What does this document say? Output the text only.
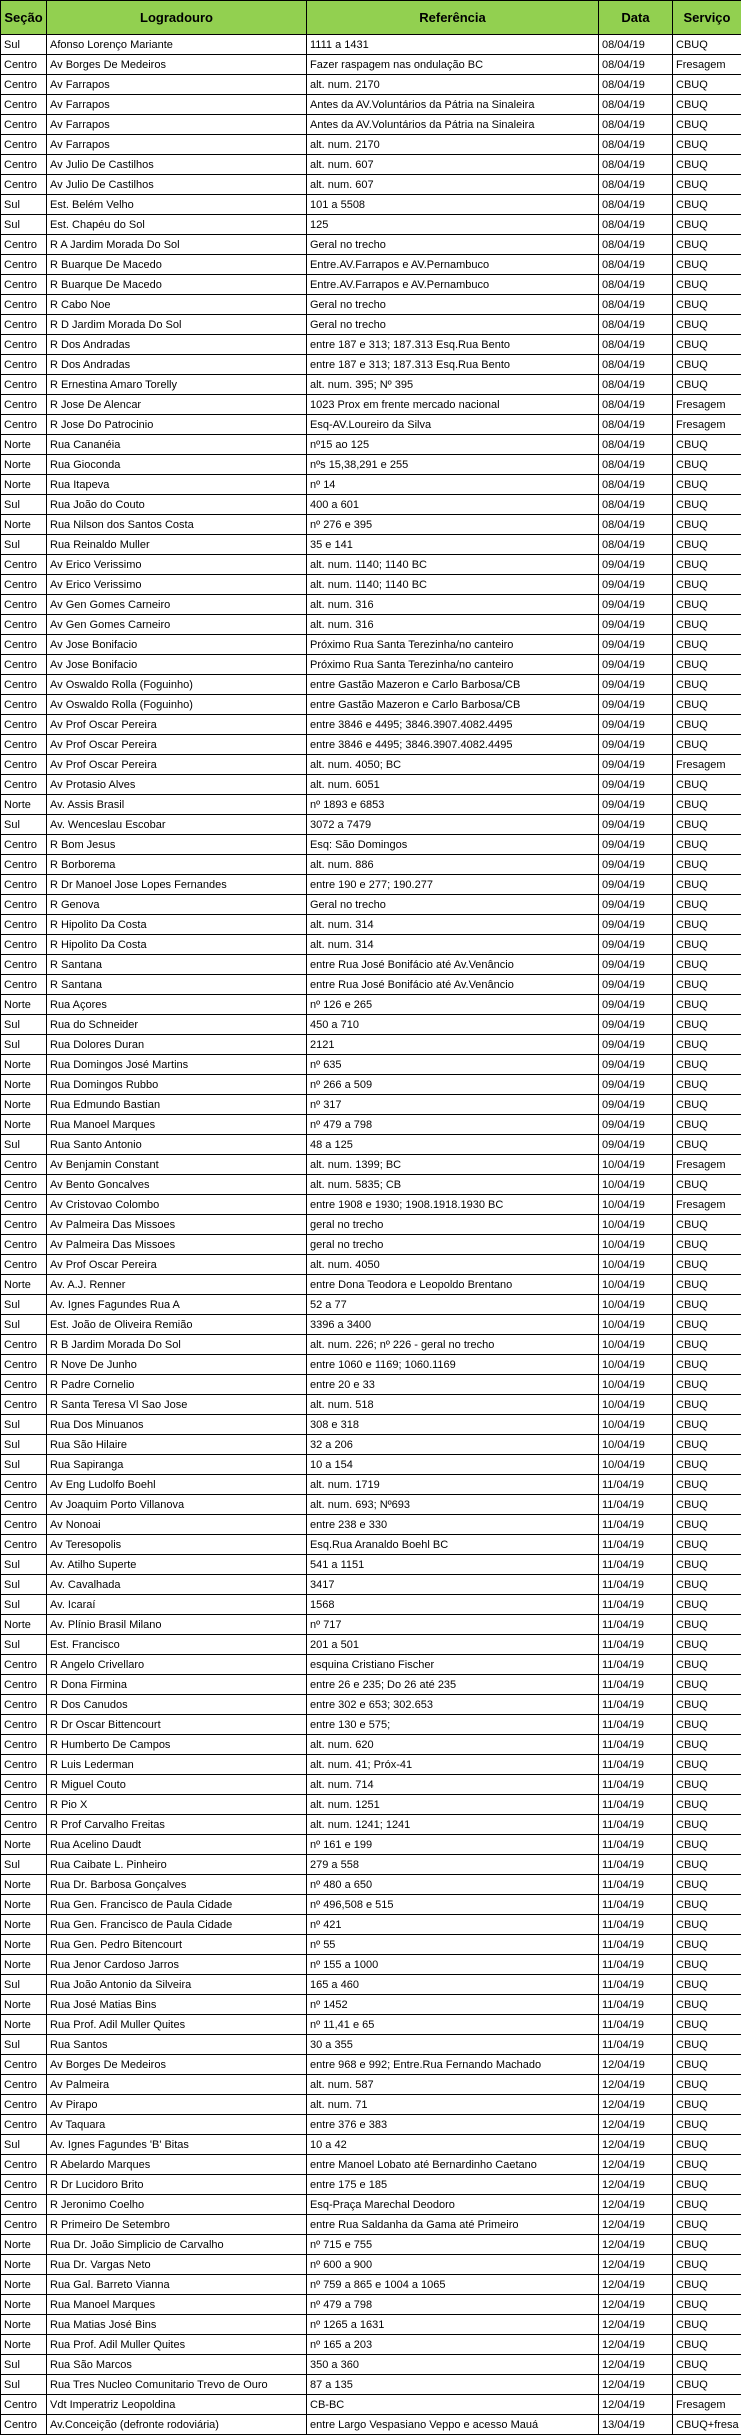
Seção	Logradouro	Referência	Data	Serviço
Sul	Afonso Lorenço Mariante	1111 a 1431	08/04/19	CBUQ
Centro	Av Borges De Medeiros	Fazer raspagem nas ondulação BC	08/04/19	Fresagem
Centro	Av Farrapos	alt. num. 2170	08/04/19	CBUQ
Centro	Av Farrapos	Antes da AV.Voluntários da Pátria na Sinaleira	08/04/19	CBUQ
Centro	Av Farrapos	Antes da AV.Voluntários da Pátria na Sinaleira	08/04/19	CBUQ
Centro	Av Farrapos	alt. num. 2170	08/04/19	CBUQ
Centro	Av Julio De Castilhos	alt. num. 607	08/04/19	CBUQ
Centro	Av Julio De Castilhos	alt. num. 607	08/04/19	CBUQ
Sul	Est. Belém Velho	101 a 5508	08/04/19	CBUQ
Sul	Est. Chapéu do Sol	125	08/04/19	CBUQ
Centro	R A Jardim Morada Do Sol	Geral no trecho	08/04/19	CBUQ
Centro	R Buarque De Macedo	Entre.AV.Farrapos e AV.Pernambuco	08/04/19	CBUQ
Centro	R Buarque De Macedo	Entre.AV.Farrapos e AV.Pernambuco	08/04/19	CBUQ
Centro	R Cabo Noe	Geral no trecho	08/04/19	CBUQ
Centro	R D Jardim Morada Do Sol	Geral no trecho	08/04/19	CBUQ
Centro	R Dos Andradas	entre 187 e 313; 187.313 Esq.Rua Bento	08/04/19	CBUQ
Centro	R Dos Andradas	entre 187 e 313; 187.313 Esq.Rua Bento	08/04/19	CBUQ
Centro	R Ernestina Amaro Torelly	alt. num. 395; Nº 395	08/04/19	CBUQ
Centro	R Jose De Alencar	1023 Prox em frente mercado nacional	08/04/19	Fresagem
Centro	R Jose Do Patrocinio	Esq-AV.Loureiro da Silva	08/04/19	Fresagem
Norte	Rua Cananéia	nº15 ao 125	08/04/19	CBUQ
Norte	Rua Gioconda	nºs 15,38,291 e 255	08/04/19	CBUQ
Norte	Rua Itapeva	nº 14	08/04/19	CBUQ
Sul	Rua João do Couto	400 a 601	08/04/19	CBUQ
Norte	Rua Nilson dos Santos Costa	nº 276 e 395	08/04/19	CBUQ
Sul	Rua Reinaldo Muller	35 e 141	08/04/19	CBUQ
Centro	Av Erico Verissimo	alt. num. 1140; 1140 BC	09/04/19	CBUQ
Centro	Av Erico Verissimo	alt. num. 1140; 1140 BC	09/04/19	CBUQ
Centro	Av Gen Gomes Carneiro	alt. num. 316	09/04/19	CBUQ
Centro	Av Gen Gomes Carneiro	alt. num. 316	09/04/19	CBUQ
Centro	Av Jose Bonifacio	Próximo Rua Santa Terezinha/no canteiro	09/04/19	CBUQ
Centro	Av Jose Bonifacio	Próximo Rua Santa Terezinha/no canteiro	09/04/19	CBUQ
Centro	Av Oswaldo Rolla (Foguinho)	entre Gastão Mazeron e Carlo Barbosa/CB	09/04/19	CBUQ
Centro	Av Oswaldo Rolla (Foguinho)	entre Gastão Mazeron e Carlo Barbosa/CB	09/04/19	CBUQ
Centro	Av Prof Oscar Pereira	entre 3846 e 4495; 3846.3907.4082.4495	09/04/19	CBUQ
Centro	Av Prof Oscar Pereira	entre 3846 e 4495; 3846.3907.4082.4495	09/04/19	CBUQ
Centro	Av Prof Oscar Pereira	alt. num. 4050; BC	09/04/19	Fresagem
Centro	Av Protasio Alves	alt. num. 6051	09/04/19	CBUQ
Norte	Av. Assis Brasil	nº 1893 e 6853	09/04/19	CBUQ
Sul	Av. Wenceslau Escobar	3072 a 7479	09/04/19	CBUQ
Centro	R Bom Jesus	Esq: São Domingos	09/04/19	CBUQ
Centro	R Borborema	alt. num. 886	09/04/19	CBUQ
Centro	R Dr Manoel Jose Lopes Fernandes	entre 190 e 277; 190.277	09/04/19	CBUQ
Centro	R Genova	Geral no trecho	09/04/19	CBUQ
Centro	R Hipolito Da Costa	alt. num. 314	09/04/19	CBUQ
Centro	R Hipolito Da Costa	alt. num. 314	09/04/19	CBUQ
Centro	R Santana	entre Rua José Bonifácio até Av.Venâncio	09/04/19	CBUQ
Centro	R Santana	entre Rua José Bonifácio até Av.Venâncio	09/04/19	CBUQ
Norte	Rua Açores	nº 126 e 265	09/04/19	CBUQ
Sul	Rua do Schneider	450 a 710	09/04/19	CBUQ
Sul	Rua Dolores Duran	2121	09/04/19	CBUQ
Norte	Rua Domingos José Martins	nº 635	09/04/19	CBUQ
Norte	Rua Domingos Rubbo	nº 266 a 509	09/04/19	CBUQ
Norte	Rua Edmundo Bastian	nº 317	09/04/19	CBUQ
Norte	Rua Manoel Marques	nº 479 a 798	09/04/19	CBUQ
Sul	Rua Santo Antonio	48 a 125	09/04/19	CBUQ
Centro	Av Benjamin Constant	alt. num. 1399; BC	10/04/19	Fresagem
Centro	Av Bento Goncalves	alt. num. 5835; CB	10/04/19	CBUQ
Centro	Av Cristovao Colombo	entre 1908 e 1930; 1908.1918.1930 BC	10/04/19	Fresagem
Centro	Av Palmeira Das Missoes	geral no trecho	10/04/19	CBUQ
Centro	Av Palmeira Das Missoes	geral no trecho	10/04/19	CBUQ
Centro	Av Prof Oscar Pereira	alt. num. 4050	10/04/19	CBUQ
Norte	Av. A.J. Renner	entre Dona Teodora e Leopoldo Brentano	10/04/19	CBUQ
Sul	Av. Ignes Fagundes Rua A	52 a 77	10/04/19	CBUQ
Sul	Est. João de Oliveira Remião	3396 a 3400	10/04/19	CBUQ
Centro	R B Jardim Morada Do Sol	alt. num. 226; nº 226 - geral no trecho	10/04/19	CBUQ
Centro	R Nove De Junho	entre 1060 e 1169; 1060.1169	10/04/19	CBUQ
Centro	R Padre Cornelio	entre 20 e 33	10/04/19	CBUQ
Centro	R Santa Teresa Vl Sao Jose	alt. num. 518	10/04/19	CBUQ
Sul	Rua Dos Minuanos	308 e 318	10/04/19	CBUQ
Sul	Rua São Hilaire	32 a 206	10/04/19	CBUQ
Sul	Rua Sapiranga	10 a 154	10/04/19	CBUQ
Centro	Av Eng Ludolfo Boehl	alt. num. 1719	11/04/19	CBUQ
Centro	Av Joaquim Porto Villanova	alt. num. 693; Nº693	11/04/19	CBUQ
Centro	Av Nonoai	entre 238 e 330	11/04/19	CBUQ
Centro	Av Teresopolis	Esq.Rua Aranaldo Boehl BC	11/04/19	CBUQ
Sul	Av. Atilho Superte	541 a 1151	11/04/19	CBUQ
Sul	Av. Cavalhada	3417	11/04/19	CBUQ
Sul	Av. Icaraí	1568	11/04/19	CBUQ
Norte	Av. Plínio Brasil Milano	nº 717	11/04/19	CBUQ
Sul	Est. Francisco	201 a 501	11/04/19	CBUQ
Centro	R Angelo Crivellaro	esquina Cristiano Fischer	11/04/19	CBUQ
Centro	R Dona Firmina	entre 26 e 235; Do 26 até 235	11/04/19	CBUQ
Centro	R Dos Canudos	entre 302 e 653; 302.653	11/04/19	CBUQ
Centro	R Dr Oscar Bittencourt	entre 130 e 575;	11/04/19	CBUQ
Centro	R Humberto De Campos	alt. num. 620	11/04/19	CBUQ
Centro	R Luis Lederman	alt. num. 41; Próx-41	11/04/19	CBUQ
Centro	R Miguel Couto	alt. num. 714	11/04/19	CBUQ
Centro	R Pio X	alt. num. 1251	11/04/19	CBUQ
Centro	R Prof Carvalho Freitas	alt. num. 1241; 1241	11/04/19	CBUQ
Norte	Rua Acelino Daudt	nº 161 e 199	11/04/19	CBUQ
Sul	Rua Caibate L. Pinheiro	279 a 558	11/04/19	CBUQ
Norte	Rua Dr. Barbosa Gonçalves	nº 480 a 650	11/04/19	CBUQ
Norte	Rua Gen. Francisco de Paula Cidade	nº 496,508 e 515	11/04/19	CBUQ
Norte	Rua Gen. Francisco de Paula Cidade	nº 421	11/04/19	CBUQ
Norte	Rua Gen. Pedro Bitencourt	nº 55	11/04/19	CBUQ
Norte	Rua Jenor Cardoso Jarros	nº 155 a 1000	11/04/19	CBUQ
Sul	Rua João Antonio da Silveira	165 a 460	11/04/19	CBUQ
Norte	Rua José Matias Bins	nº 1452	11/04/19	CBUQ
Norte	Rua Prof. Adil Muller Quites	nº 11,41 e 65	11/04/19	CBUQ
Sul	Rua Santos	30 a 355	11/04/19	CBUQ
Centro	Av Borges De Medeiros	entre 968 e 992; Entre.Rua Fernando Machado	12/04/19	CBUQ
Centro	Av Palmeira	alt. num. 587	12/04/19	CBUQ
Centro	Av Pirapo	alt. num. 71	12/04/19	CBUQ
Centro	Av Taquara	entre 376 e 383	12/04/19	CBUQ
Sul	Av. Ignes Fagundes 'B' Bitas	10 a 42	12/04/19	CBUQ
Centro	R Abelardo Marques	entre Manoel Lobato até Bernardinho Caetano	12/04/19	CBUQ
Centro	R Dr Lucidoro Brito	entre 175 e 185	12/04/19	CBUQ
Centro	R Jeronimo Coelho	Esq-Praça Marechal Deodoro	12/04/19	CBUQ
Centro	R Primeiro De Setembro	entre Rua Saldanha da Gama até Primeiro	12/04/19	CBUQ
Norte	Rua Dr. João Simplicio de Carvalho	nº 715 e 755	12/04/19	CBUQ
Norte	Rua Dr. Vargas Neto	nº 600 a 900	12/04/19	CBUQ
Norte	Rua Gal. Barreto Vianna	nº 759 a 865 e 1004 a 1065	12/04/19	CBUQ
Norte	Rua Manoel Marques	nº 479 a 798	12/04/19	CBUQ
Norte	Rua Matias José Bins	nº 1265 a 1631	12/04/19	CBUQ
Norte	Rua Prof. Adil Muller Quites	nº 165 a 203	12/04/19	CBUQ
Sul	Rua São Marcos	350 a 360	12/04/19	CBUQ
Sul	Rua Tres Nucleo Comunitario Trevo de Ouro	87 a 135	12/04/19	CBUQ
Centro	Vdt Imperatriz Leopoldina	CB-BC	12/04/19	Fresagem
Centro	Av.Conceição (defronte rodoviária)	entre Largo Vespasiano Veppo e acesso Mauá	13/04/19	CBUQ+fresa
